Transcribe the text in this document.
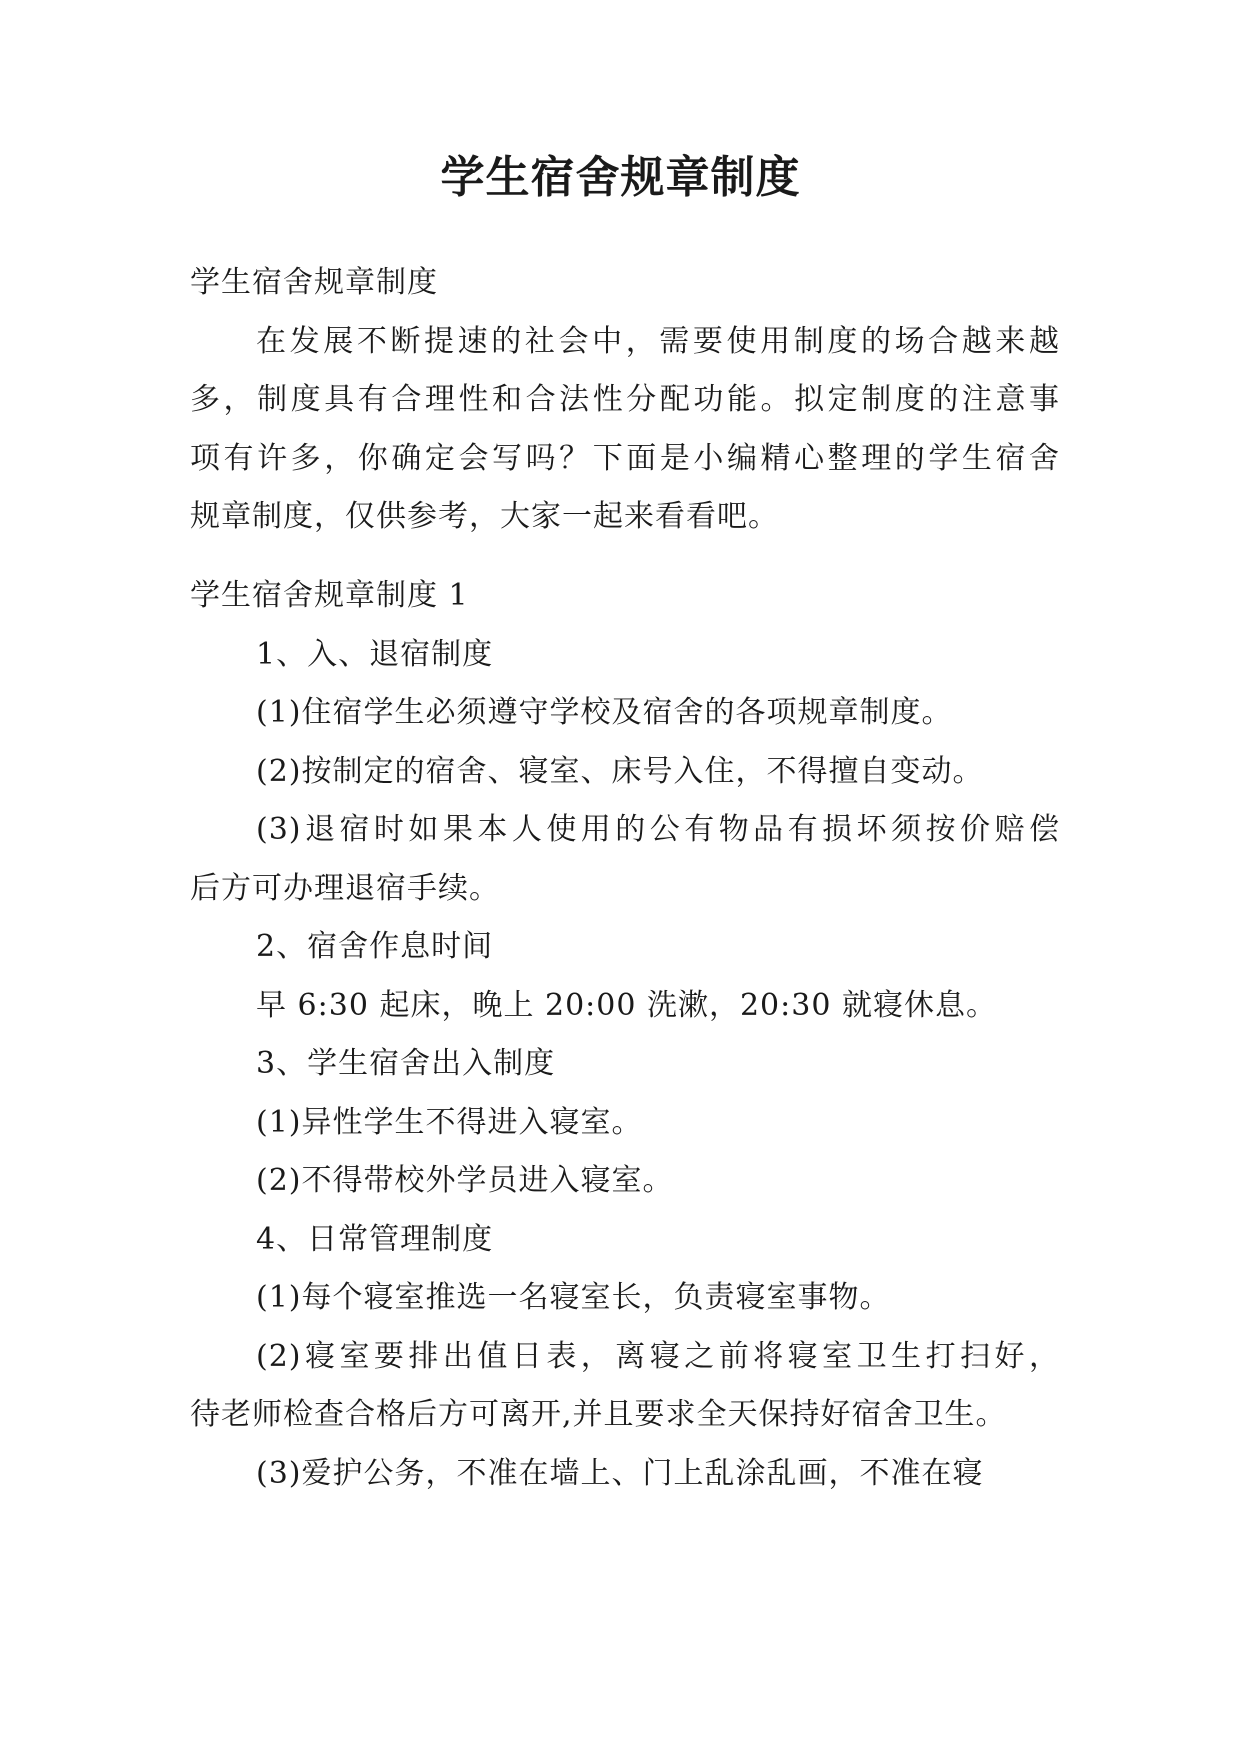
学生宿舍规章制度
学生宿舍规章制度
在发展不断提速的社会中，需要使用制度的场合越来越
多，制度具有合理性和合法性分配功能。拟定制度的注意事
项有许多，你确定会写吗？下面是小编精心整理的学生宿舍
规章制度，仅供参考，大家一起来看看吧。
学生宿舍规章制度 1
1、入、退宿制度
(1)住宿学生必须遵守学校及宿舍的各项规章制度。
(2)按制定的宿舍、寝室、床号入住，不得擅自变动。
(3)退宿时如果本人使用的公有物品有损坏须按价赔偿
后方可办理退宿手续。
2、宿舍作息时间
早 6:30 起床，晚上 20:00 洗漱，20:30 就寝休息。
3、学生宿舍出入制度
(1)异性学生不得进入寝室。
(2)不得带校外学员进入寝室。
4、日常管理制度
(1)每个寝室推选一名寝室长，负责寝室事物。
(2)寝室要排出值日表，离寝之前将寝室卫生打扫好，
待老师检查合格后方可离开,并且要求全天保持好宿舍卫生。
(3)爱护公务，不准在墙上、门上乱涂乱画，不准在寝
